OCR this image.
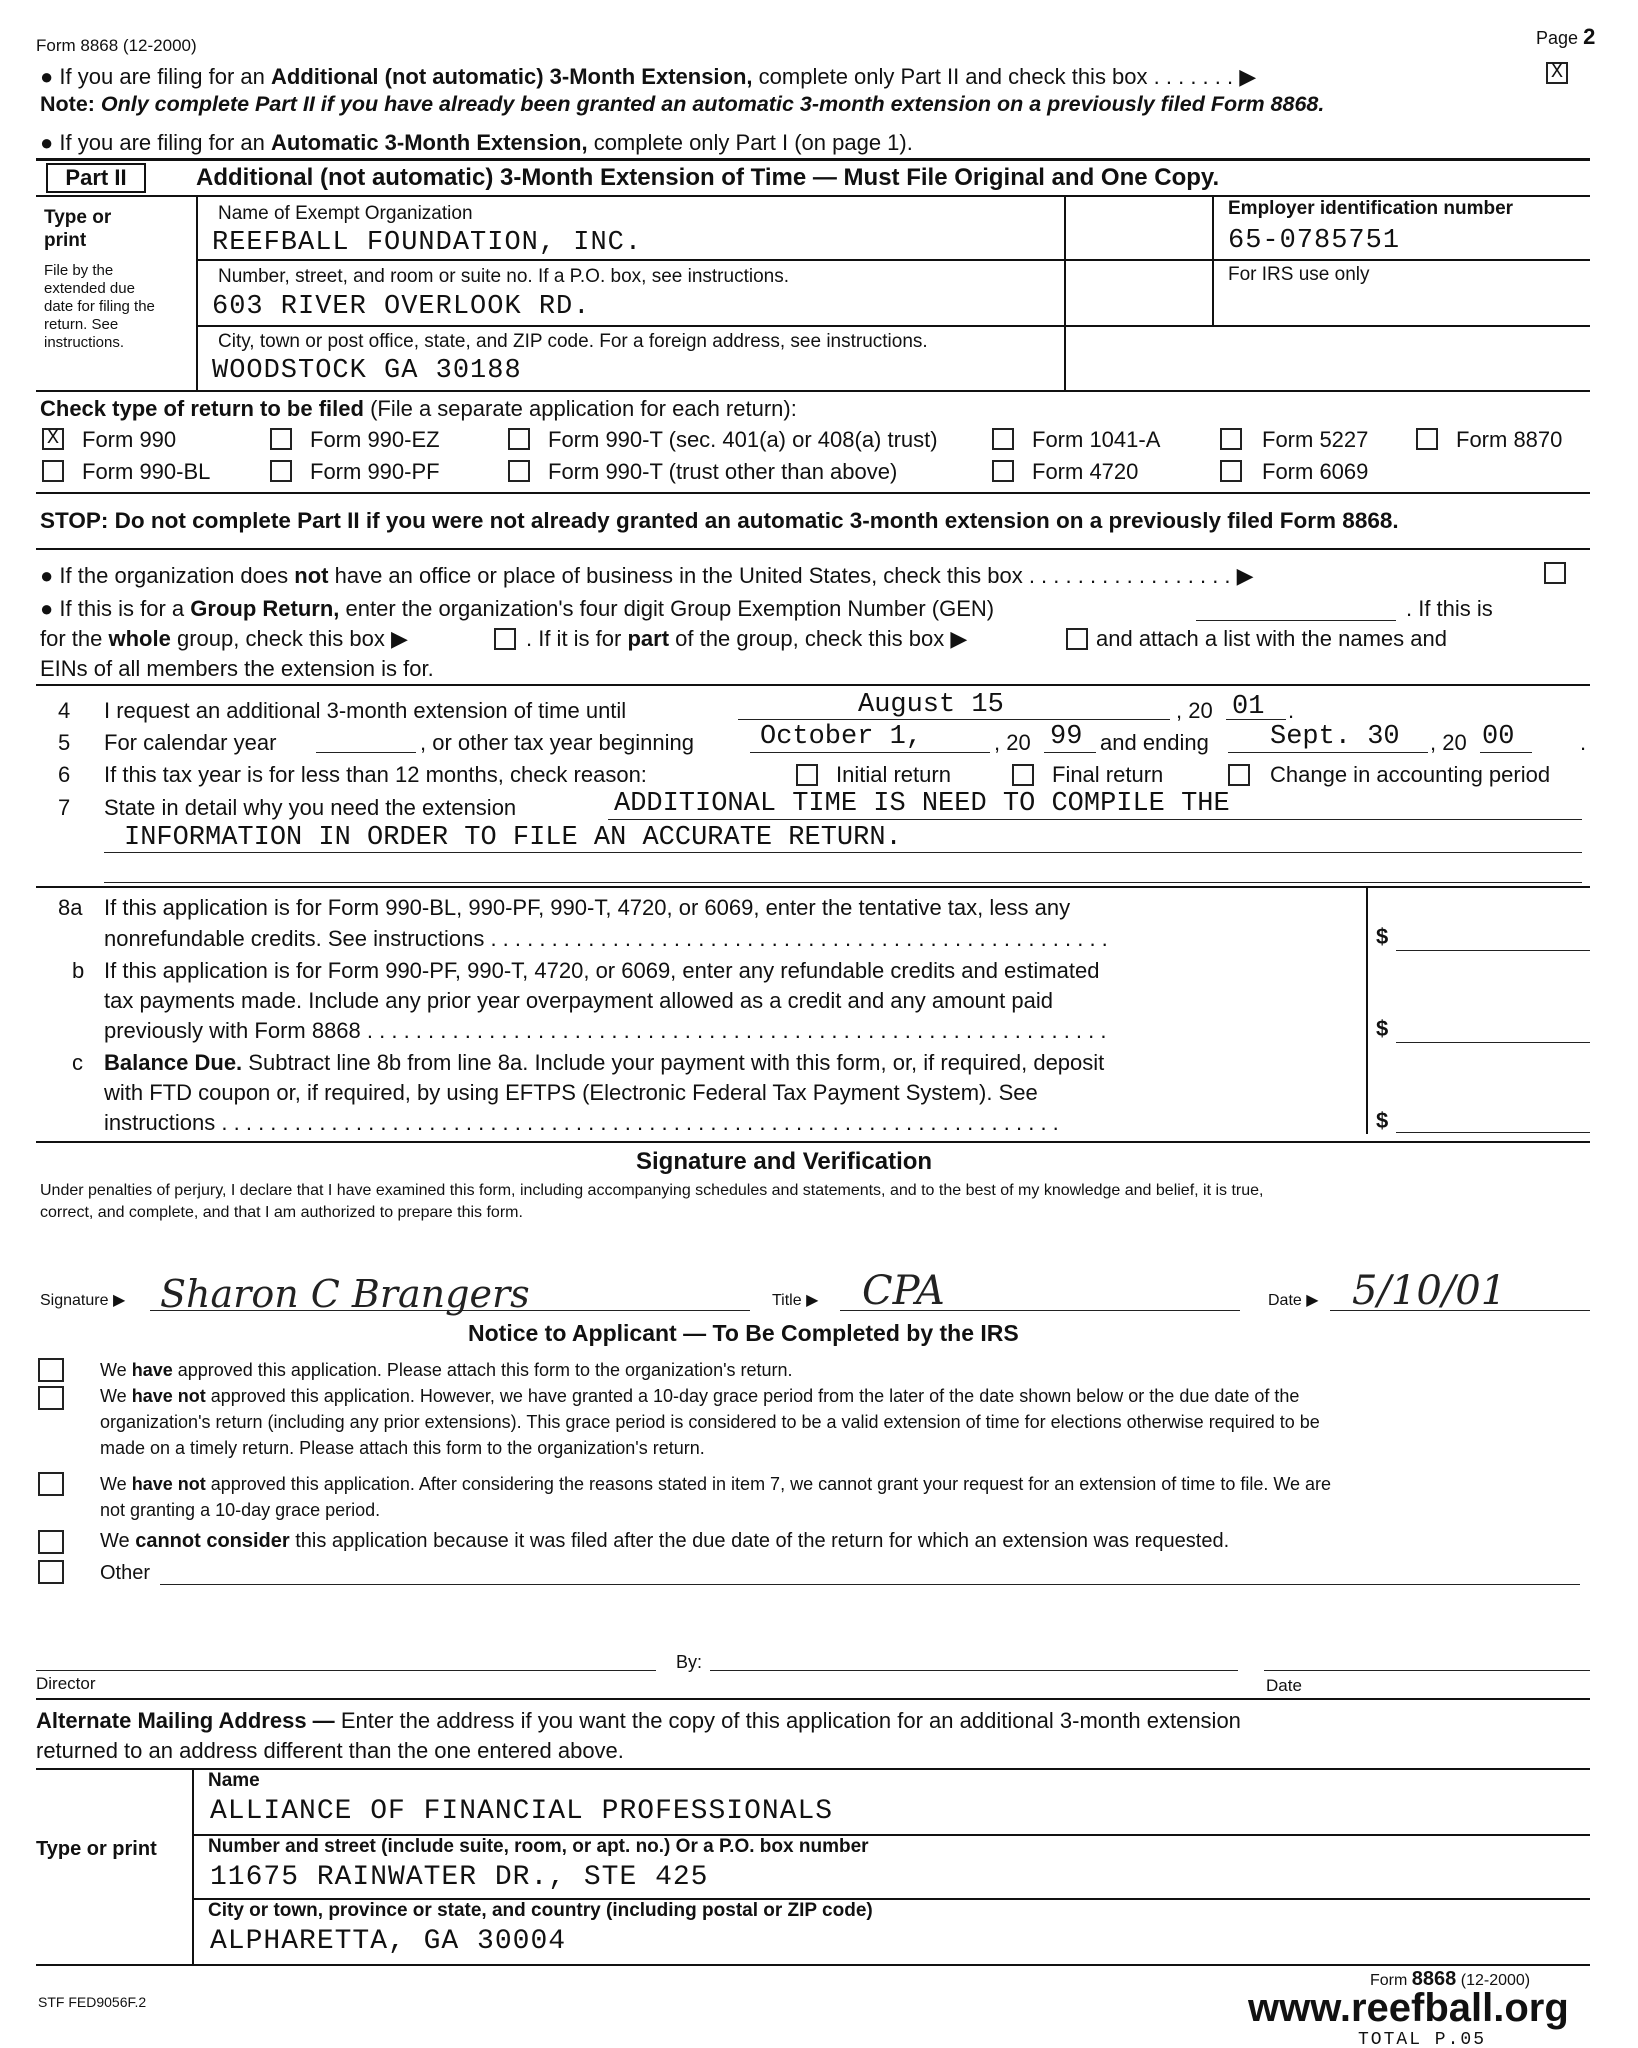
Form 8868 (12-2000)	Page 2
● If you are filing for an Additional (not automatic) 3-Month Extension, complete only Part II and check this box . . . . . . . ▶	X
Note: Only complete Part II if you have already been granted an automatic 3-month extension on a previously filed Form 8868.
● If you are filing for an Automatic 3-Month Extension, complete only Part I (on page 1).
Part II	Additional (not automatic) 3-Month Extension of Time — Must File Original and One Copy.
Type or print
File by the extended due date for filing the return. See instructions.
Name of Exempt Organization
REEFBALL FOUNDATION, INC.
Employer identification number
65-0785751
Number, street, and room or suite no. If a P.O. box, see instructions.
603 RIVER OVERLOOK RD.
For IRS use only
City, town or post office, state, and ZIP code. For a foreign address, see instructions.
WOODSTOCK GA 30188
Check type of return to be filed (File a separate application for each return):
X Form 990	Form 990-EZ	Form 990-T (sec. 401(a) or 408(a) trust)	Form 1041-A	Form 5227	Form 8870
Form 990-BL	Form 990-PF	Form 990-T (trust other than above)	Form 4720	Form 6069
STOP: Do not complete Part II if you were not already granted an automatic 3-month extension on a previously filed Form 8868.
● If the organization does not have an office or place of business in the United States, check this box . . . . . . . . . . . . . . . . . ▶
● If this is for a Group Return, enter the organization's four digit Group Exemption Number (GEN)	. If this is
for the whole group, check this box ▶	. If it is for part of the group, check this box ▶	and attach a list with the names and
EINs of all members the extension is for.
4 I request an additional 3-month extension of time until	August 15	, 20 01 .
5 For calendar year	, or other tax year beginning October 1,	, 20 99 and ending Sept. 30 , 20 00	.
6 If this tax year is for less than 12 months, check reason:	Initial return	Final return	Change in accounting period
7 State in detail why you need the extension	ADDITIONAL TIME IS NEED TO COMPILE THE
INFORMATION IN ORDER TO FILE AN ACCURATE RETURN.
8a If this application is for Form 990-BL, 990-PF, 990-T, 4720, or 6069, enter the tentative tax, less any
nonrefundable credits. See instructions . . . . . . . . . . . . . . . . . . . . . . . . . . . . . . . . . . . . . . . . . . . . . . . . . . .	$
b If this application is for Form 990-PF, 990-T, 4720, or 6069, enter any refundable credits and estimated
tax payments made. Include any prior year overpayment allowed as a credit and any amount paid
previously with Form 8868 . . . . . . . . . . . . . . . . . . . . . . . . . . . . . . . . . . . . . . . . . . . . . . . . . . . . . . . . . . . . .	$
c Balance Due. Subtract line 8b from line 8a. Include your payment with this form, or, if required, deposit
with FTD coupon or, if required, by using EFTPS (Electronic Federal Tax Payment System). See
instructions . . . . . . . . . . . . . . . . . . . . . . . . . . . . . . . . . . . . . . . . . . . . . . . . . . . . . . . . . . . . . . . . . . . . .	$
Signature and Verification
Under penalties of perjury, I declare that I have examined this form, including accompanying schedules and statements, and to the best of my knowledge and belief, it is true,
correct, and complete, and that I am authorized to prepare this form.
Signature ▶ Sharon C Brangers	Title ▶ CPA	Date ▶ 5/10/01
Notice to Applicant — To Be Completed by the IRS
We have approved this application. Please attach this form to the organization's return.
We have not approved this application. However, we have granted a 10-day grace period from the later of the date shown below or the due date of the
organization's return (including any prior extensions). This grace period is considered to be a valid extension of time for elections otherwise required to be
made on a timely return. Please attach this form to the organization's return.
We have not approved this application. After considering the reasons stated in item 7, we cannot grant your request for an extension of time to file. We are
not granting a 10-day grace period.
We cannot consider this application because it was filed after the due date of the return for which an extension was requested.
Other
By:
Director	Date
Alternate Mailing Address — Enter the address if you want the copy of this application for an additional 3-month extension
returned to an address different than the one entered above.
Type or print
Name
ALLIANCE OF FINANCIAL PROFESSIONALS
Number and street (include suite, room, or apt. no.) Or a P.O. box number
11675 RAINWATER DR., STE 425
City or town, province or state, and country (including postal or ZIP code)
ALPHARETTA, GA 30004
STF FED9056F.2
Form 8868 (12-2000)
www.reefball.org
TOTAL P.05
